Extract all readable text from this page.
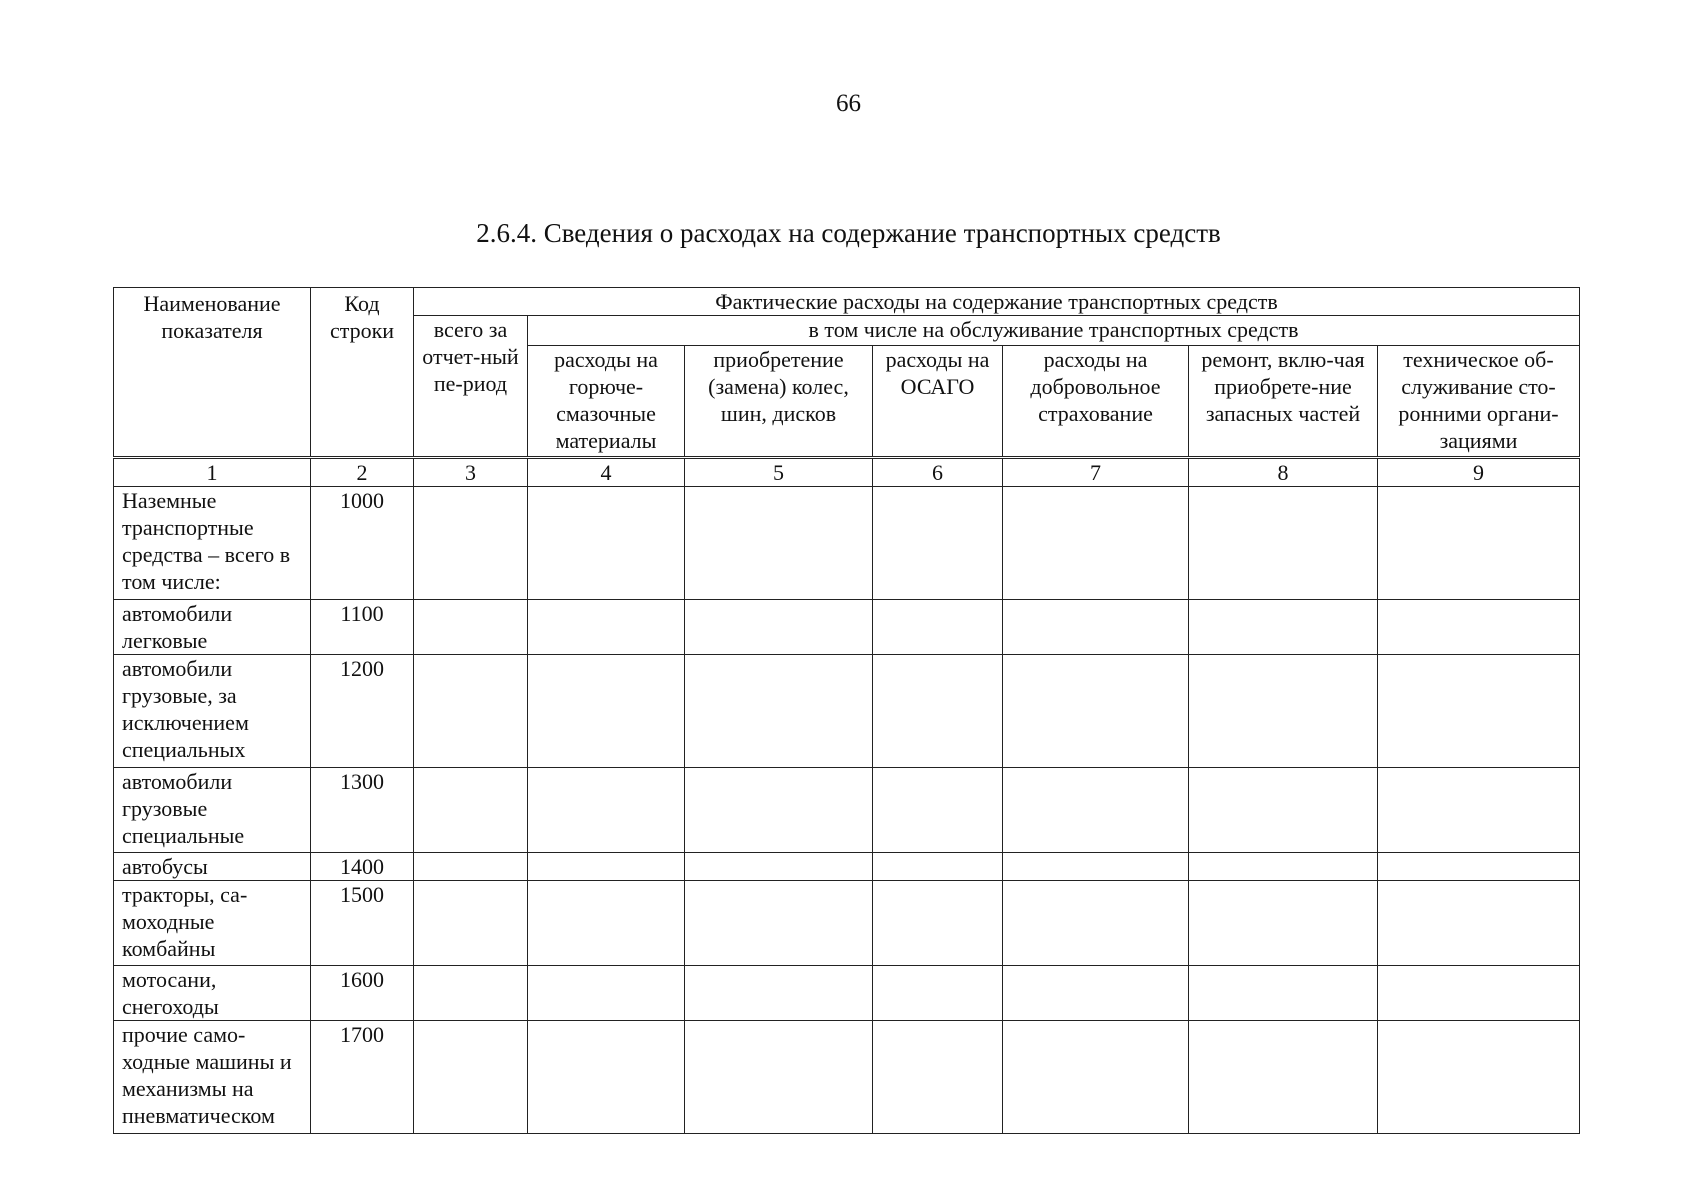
66
2.6.4. Сведения о расходах на содержание транспортных средств
Наименование показателя	Код строки	Фактические расходы на содержание транспортных средств						
		всего за отчет-ный пе-риод	в том числе на обслуживание транспортных средств					
			расходы на горюче-смазочные материалы	приобретение (замена) колес, шин, дисков	расходы на ОСАГО	расходы на добровольное страхование	ремонт, вклю-чая приобрете-ние запасных частей	техническое об-служивание сто-ронними органи-зациями
1	2	3	4	5	6	7	8	9
Наземные транспортные средства – всего в том числе:	1000							
автомобили легковые	1100							
автомобили грузовые, за исключением специальных	1200							
автомобили грузовые специальные	1300							
автобусы	1400							
тракторы, са-моходные комбайны	1500							
мотосани, снегоходы	1600							
прочие само-ходные машины и механизмы на пневматическом	1700							
